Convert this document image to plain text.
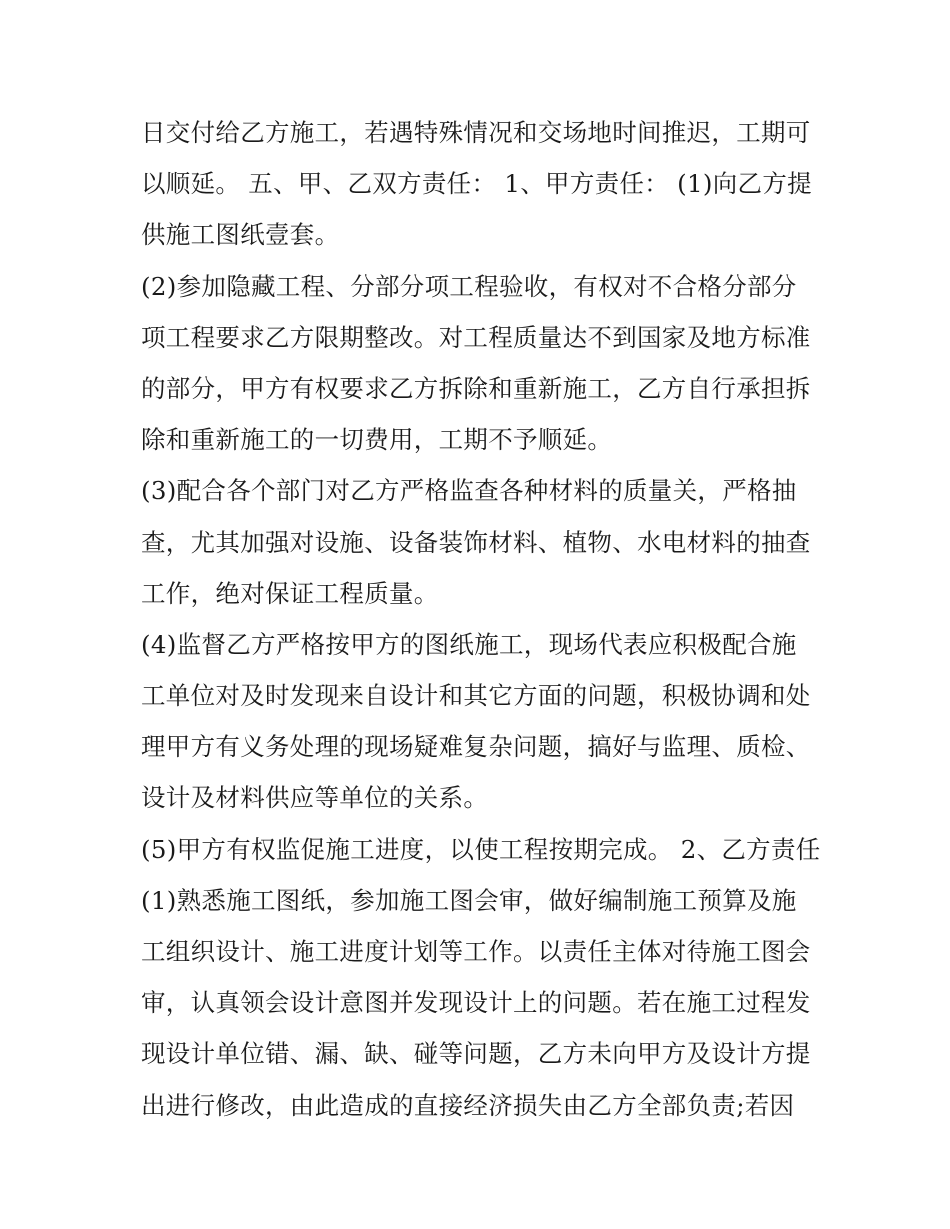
日交付给乙方施工，若遇特殊情况和交场地时间推迟，工期可
以顺延。 五、甲、乙双方责任： 1、甲方责任： (1)向乙方提
供施工图纸壹套。
(2)参加隐藏工程、分部分项工程验收，有权对不合格分部分
项工程要求乙方限期整改。对工程质量达不到国家及地方标准
的部分，甲方有权要求乙方拆除和重新施工，乙方自行承担拆
除和重新施工的一切费用，工期不予顺延。
(3)配合各个部门对乙方严格监查各种材料的质量关，严格抽
查，尤其加强对设施、设备装饰材料、植物、水电材料的抽查
工作，绝对保证工程质量。
(4)监督乙方严格按甲方的图纸施工，现场代表应积极配合施
工单位对及时发现来自设计和其它方面的问题，积极协调和处
理甲方有义务处理的现场疑难复杂问题，搞好与监理、质检、
设计及材料供应等单位的关系。
(5)甲方有权监促施工进度，以使工程按期完成。 2、乙方责任
(1)熟悉施工图纸，参加施工图会审，做好编制施工预算及施
工组织设计、施工进度计划等工作。以责任主体对待施工图会
审，认真领会设计意图并发现设计上的问题。若在施工过程发
现设计单位错、漏、缺、碰等问题，乙方未向甲方及设计方提
出进行修改，由此造成的直接经济损失由乙方全部负责;若因
